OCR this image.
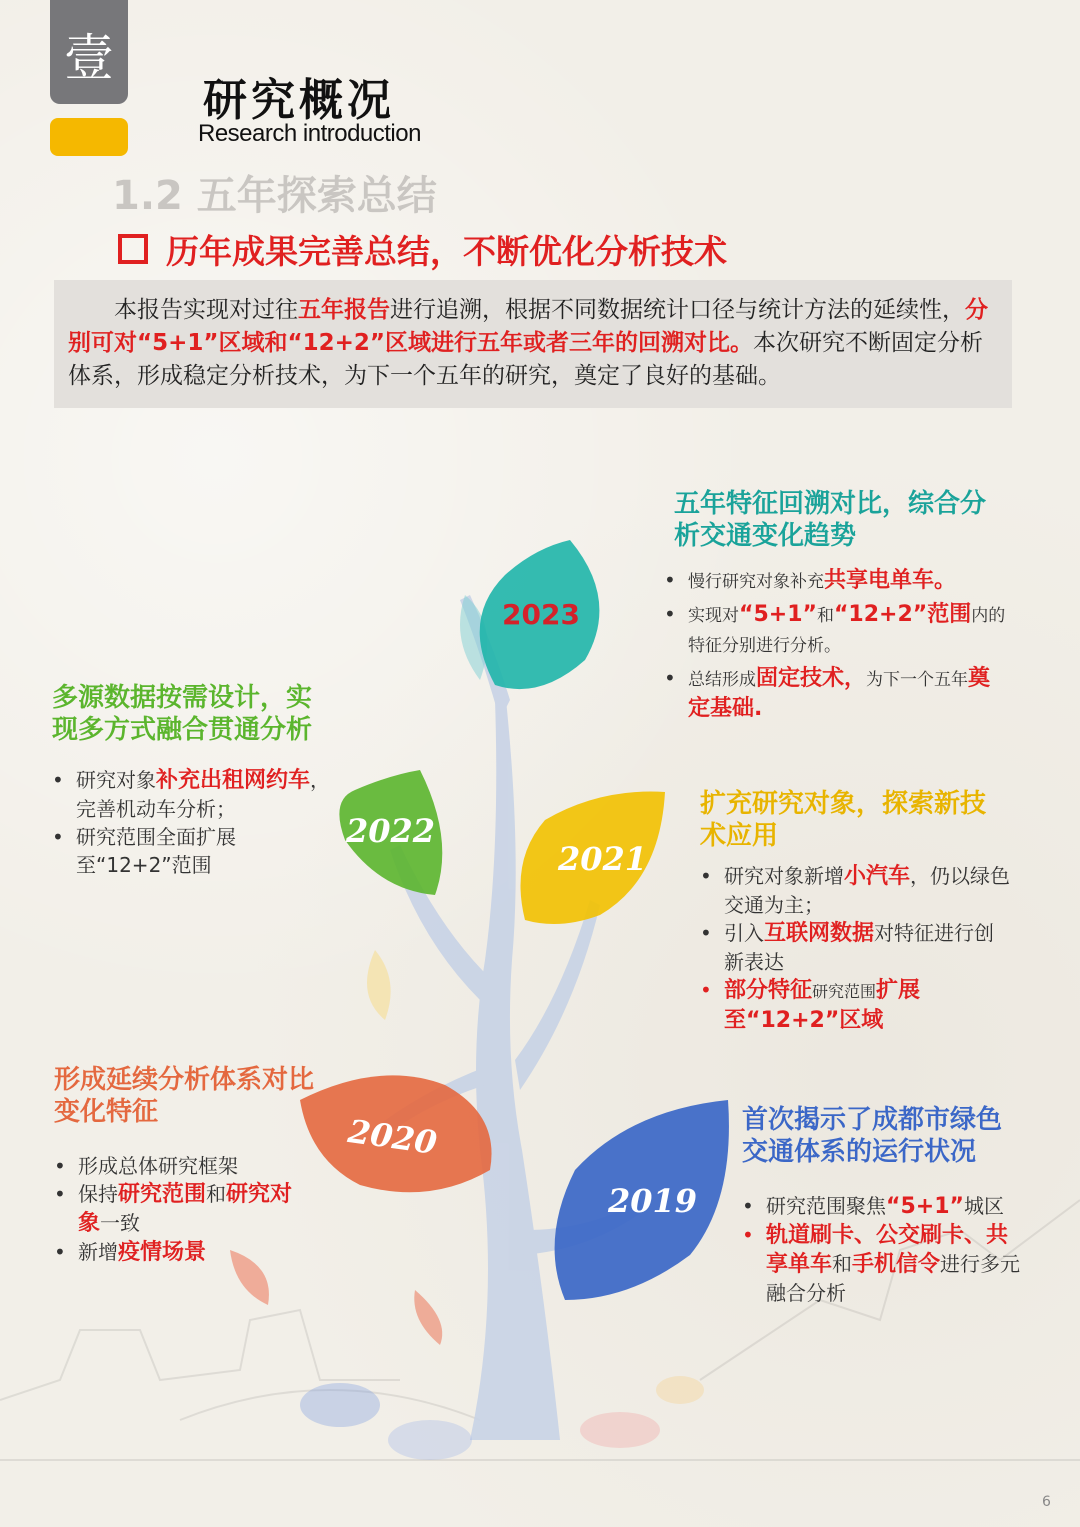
壹
研究概况
Research introduction
1.2 五年探索总结
历年成果完善总结，不断优化分析技术
本报告实现对过往五年报告进行追溯，根据不同数据统计口径与统计方法的延续性，分别可对“5+1”区域和“12+2”区域进行五年或者三年的回溯对比。本次研究不断固定分析体系，形成稳定分析技术，为下一个五年的研究，奠定了良好的基础。
2023
2022
2021
2020
2019
五年特征回溯对比，综合分析交通变化趋势
• 慢行研究对象补充共享电单车。
• 实现对“5+1”和“12+2”范围内的特征分别进行分析。
• 总结形成固定技术，为下一个五年奠定基础.
多源数据按需设计，实现多方式融合贯通分析
• 研究对象补充出租网约车，完善机动车分析；
• 研究范围全面扩展至“12+2”范围
扩充研究对象，探索新技术应用
• 研究对象新增小汽车，仍以绿色交通为主；
• 引入互联网数据对特征进行创新表达
• 部分特征研究范围扩展至“12+2”区域
形成延续分析体系对比变化特征
• 形成总体研究框架
• 保持研究范围和研究对象一致
• 新增疫情场景
首次揭示了成都市绿色交通体系的运行状况
• 研究范围聚焦“5+1”城区
• 轨道刷卡、公交刷卡、共享单车和手机信令进行多元融合分析
6
